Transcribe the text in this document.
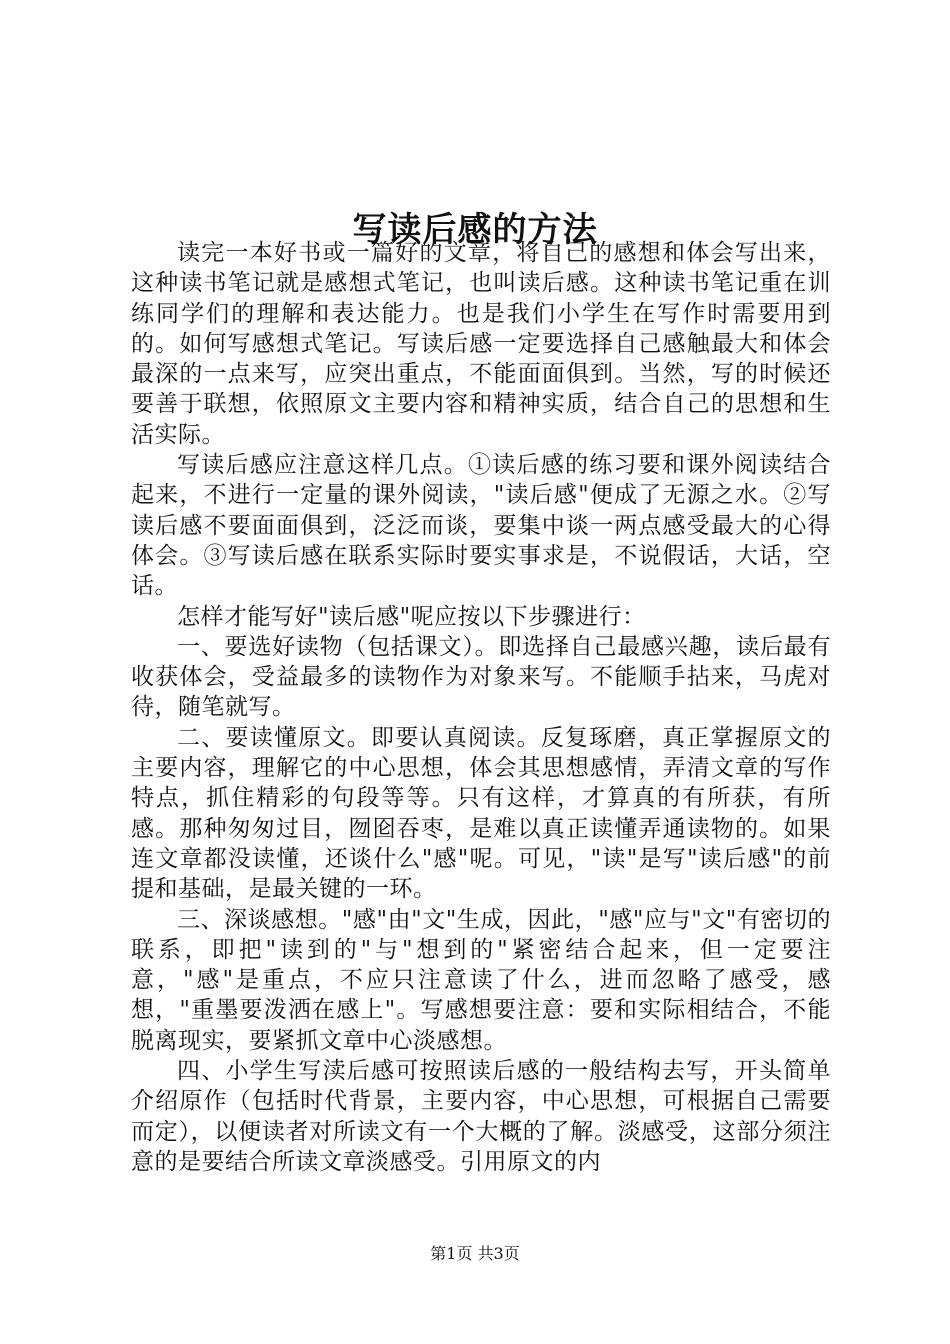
写读后感的方法

读完一本好书或一篇好的文章，将自己的感想和体会写出来，这种读书笔记就是感想式笔记，也叫读后感。这种读书笔记重在训练同学们的理解和表达能力。也是我们小学生在写作时需要用到的。如何写感想式笔记。写读后感一定要选择自己感触最大和体会最深的一点来写，应突出重点，不能面面俱到。当然，写的时候还要善于联想，依照原文主要内容和精神实质，结合自己的思想和生活实际。

写读后感应注意这样几点。①读后感的练习要和课外阅读结合起来，不进行一定量的课外阅读，"读后感"便成了无源之水。②写读后感不要面面俱到，泛泛而谈，要集中谈一两点感受最大的心得体会。③写读后感在联系实际时要实事求是，不说假话，大话，空话。

怎样才能写好"读后感"呢应按以下步骤进行：

一、要选好读物（包括课文）。即选择自己最感兴趣，读后最有收获体会，受益最多的读物作为对象来写。不能顺手拈来，马虎对待，随笔就写。

二、要读懂原文。即要认真阅读。反复琢磨，真正掌握原文的主要内容，理解它的中心思想，体会其思想感情，弄清文章的写作特点，抓住精彩的句段等等。只有这样，才算真的有所获，有所感。那种匆匆过目，囫囵吞枣，是难以真正读懂弄通读物的。如果连文章都没读懂，还谈什么"感"呢。可见，"读"是写"读后感"的前提和基础，是最关键的一环。

三、深谈感想。"感"由"文"生成，因此，"感"应与"文"有密切的联系，即把"读到的"与"想到的"紧密结合起来，但一定要注意，"感"是重点，不应只注意读了什么，进而忽略了感受，感想，"重墨要泼洒在感上"。写感想要注意：要和实际相结合，不能脱离现实，要紧抓文章中心淡感想。

四、小学生写渎后感可按照读后感的一般结构去写，开头简单介绍原作（包括时代背景，主要内容，中心思想，可根据自己需要而定），以便读者对所读文有一个大概的了解。淡感受，这部分须注意的是要结合所读文章淡感受。引用原文的内

第1页 共3页
